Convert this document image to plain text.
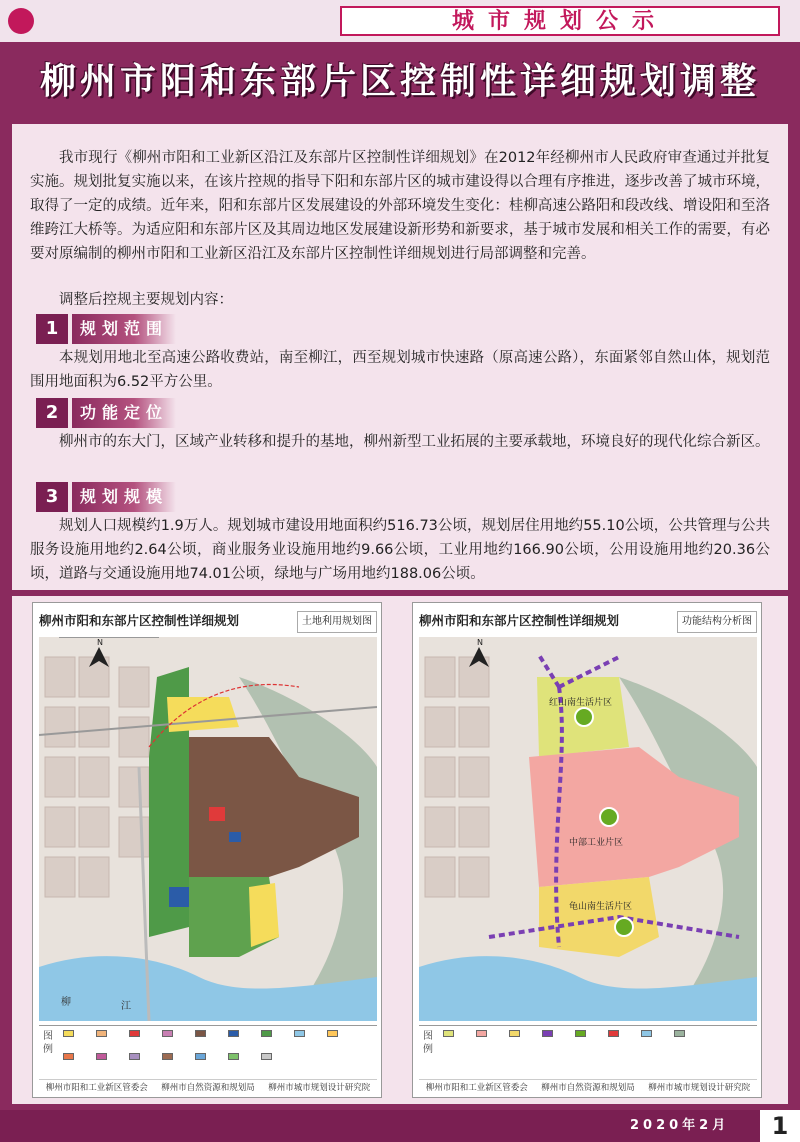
城市规划公示
柳州市阳和东部片区控制性详细规划调整

我市现行《柳州市阳和工业新区沿江及东部片区控制性详细规划》在2012年经柳州市人民政府审查通过并批复实施。规划批复实施以来，在该片控规的指导下阳和东部片区的城市建设得以合理有序推进，逐步改善了城市环境，取得了一定的成绩。近年来，阳和东部片区发展建设的外部环境发生变化：桂柳高速公路阳和段改线、增设阳和至洛维跨江大桥等。为适应阳和东部片区及其周边地区发展建设新形势和新要求，基于城市发展和相关工作的需要，有必要对原编制的柳州市阳和工业新区沿江及东部片区控制性详细规划进行局部调整和完善。

调整后控规主要规划内容：

1	规划范围

本规划用地北至高速公路收费站，南至柳江，西至规划城市快速路（原高速公路），东面紧邻自然山体，规划范围用地面积为6.52平方公里。

2	功能定位

柳州市的东大门，区域产业转移和提升的基地，柳州新型工业拓展的主要承载地，环境良好的现代化综合新区。

3	规划规模

规划人口规模约1.9万人。规划城市建设用地面积约516.73公顷，规划居住用地约55.10公顷，公共管理与公共服务设施用地约2.64公顷，商业服务业设施用地约9.66公顷，工业用地约166.90公顷，公用设施用地约20.36公顷，道路与交通设施用地74.01公顷，绿地与广场用地约188.06公顷。

柳州市阳和东部片区控制性详细规划	土地利用规划图
N
柳	江
图例
柳州市阳和工业新区管委会 柳州市自然资源和规划局 柳州市城市规划设计研究院
柳州市阳和东部片区控制性详细规划	功能结构分析图
红山南生活片区
中部工业片区
龟山南生活片区
N
图例
柳州市阳和工业新区管委会 柳州市自然资源和规划局 柳州市城市规划设计研究院
2020年2月	1
